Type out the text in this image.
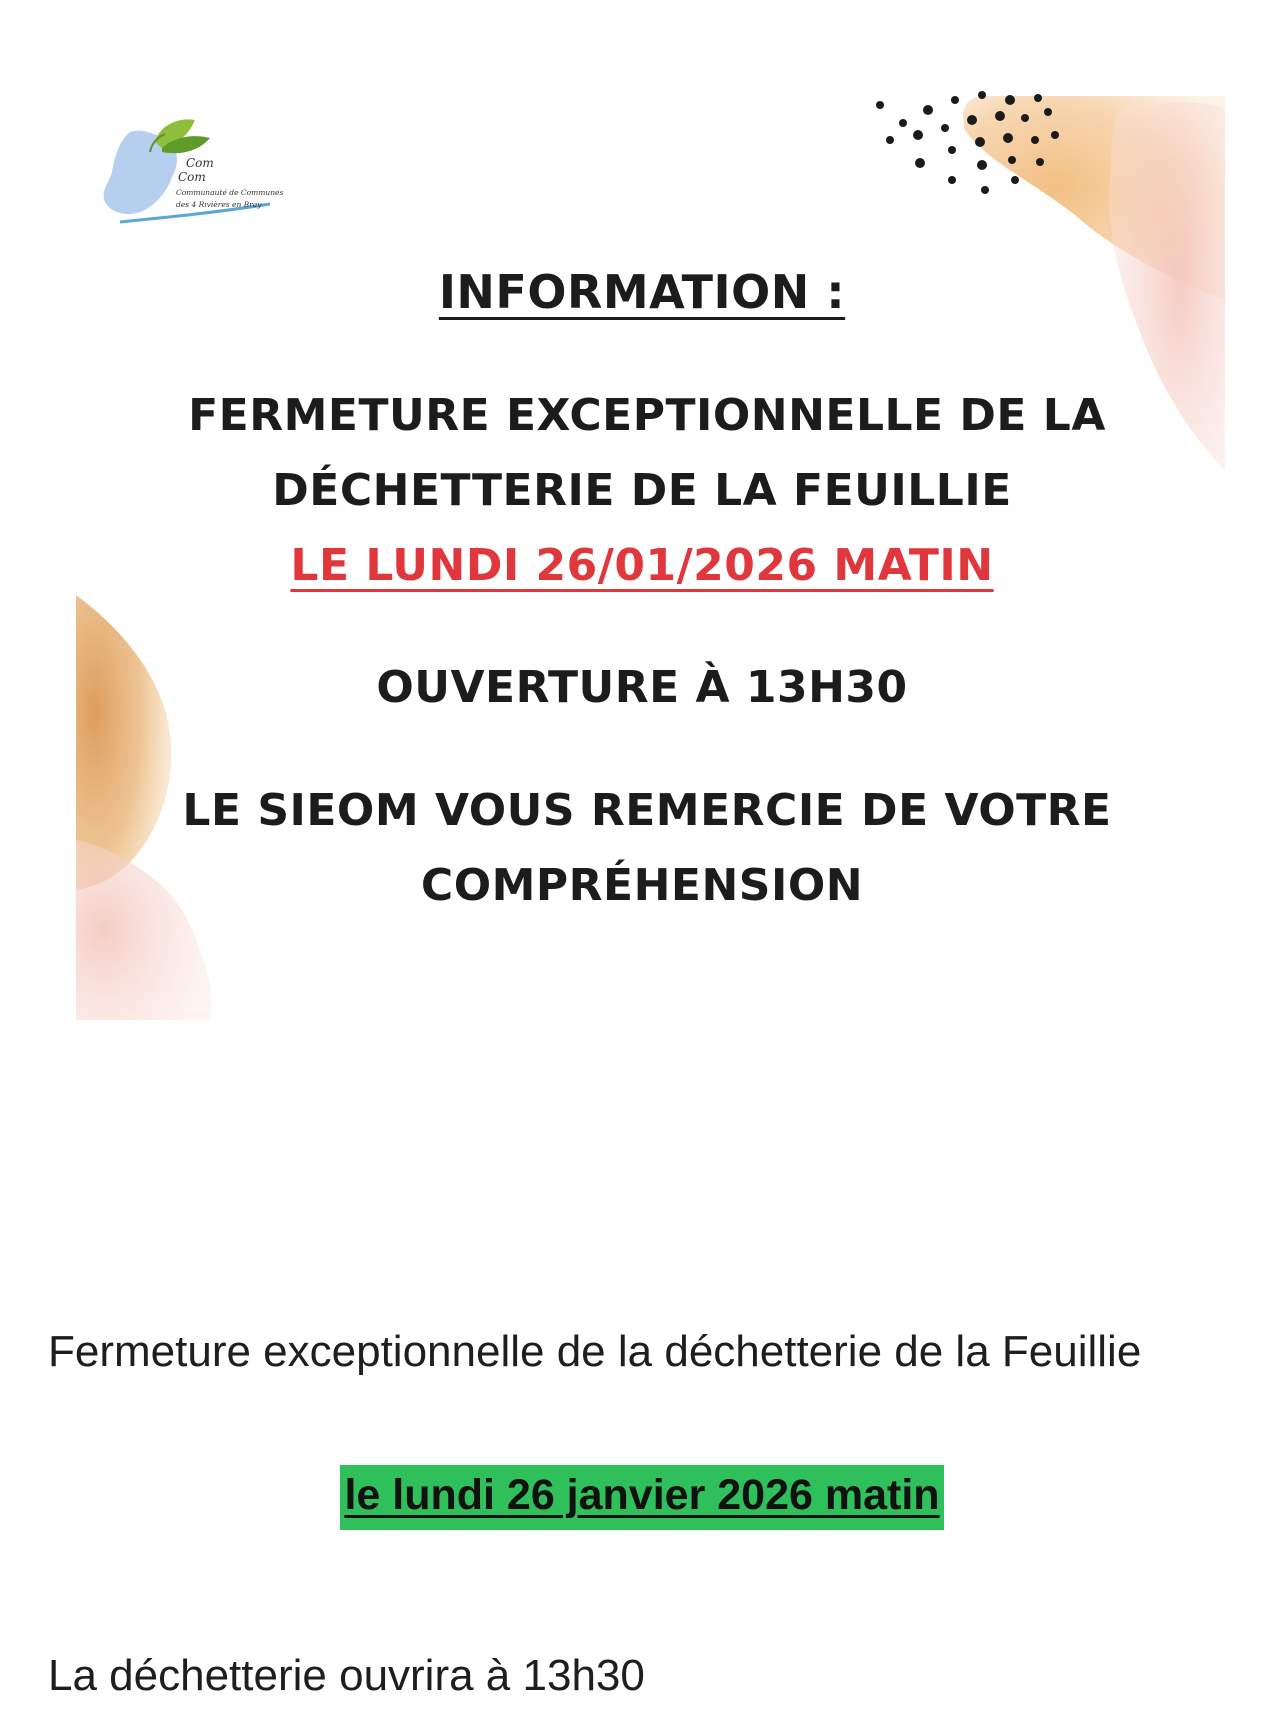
Com
Com
Communauté de Communes
des 4 Rivières en Bray
INFORMATION :
FERMETURE EXCEPTIONNELLE DE LA
DÉCHETTERIE DE LA FEUILLIE
LE LUNDI 26/01/2026 MATIN
OUVERTURE À 13H30
LE SIEOM VOUS REMERCIE DE VOTRE
COMPRÉHENSION

Fermeture exceptionnelle de la déchetterie de la Feuillie

le lundi 26 janvier 2026 matin

La déchetterie ouvrira à 13h30
